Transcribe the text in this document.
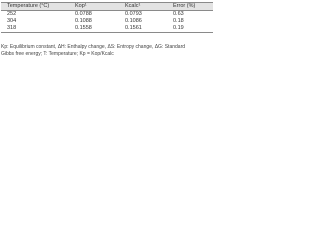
Temperature (°C)	Kop¹	Kcalc¹	Error (%)
252	0.0788	0.0793	0.63
304	0.1088	0.1086	0.18
318	0.1558	0.1561	0.19
Kp: Equilibrium constant, ΔH: Enthalpy change, ΔS: Entropy change, ΔG: Standard
Gibbs free energy; T: Temperature; Kp = Kop/Kcalc
